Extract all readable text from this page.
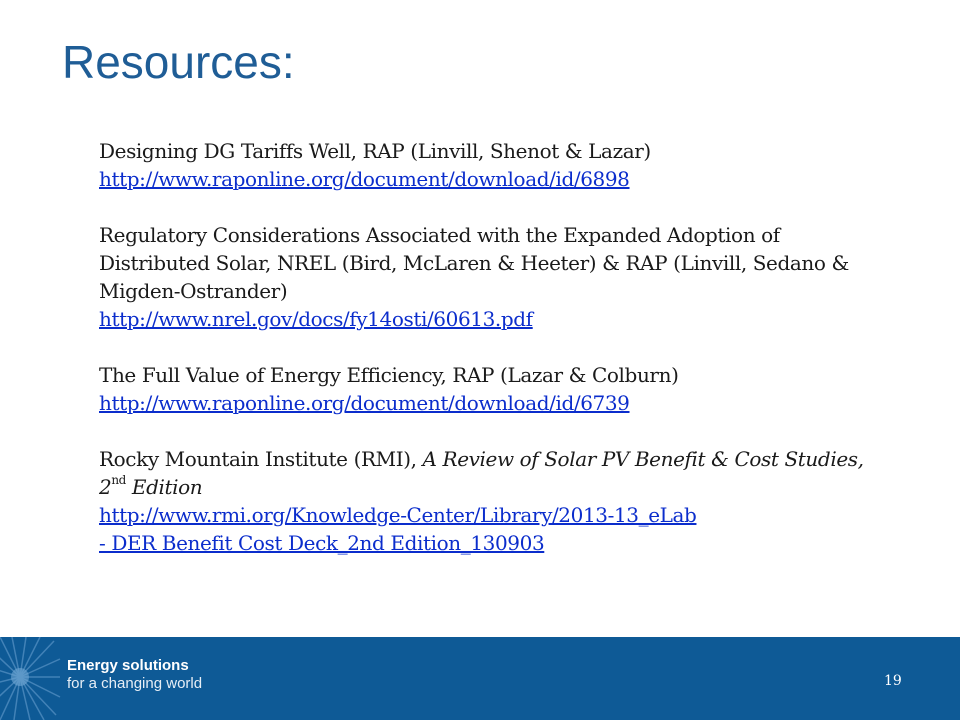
Resources:

Designing DG Tariffs Well, RAP (Linvill, Shenot & Lazar)

http://www.raponline.org/document/download/id/6898

Regulatory Considerations Associated with the Expanded Adoption of Distributed Solar, NREL (Bird, McLaren & Heeter) & RAP (Linvill, Sedano & Migden-Ostrander)

http://www.nrel.gov/docs/fy14osti/60613.pdf

The Full Value of Energy Efficiency, RAP (Lazar & Colburn)

http://www.raponline.org/document/download/id/6739

Rocky Mountain Institute (RMI), A Review of Solar PV Benefit & Cost Studies, 2nd Edition

http://www.rmi.org/Knowledge-Center/Library/2013-13_eLab
- DER Benefit Cost Deck_2nd Edition_130903
Energy solutions
for a changing world	19
